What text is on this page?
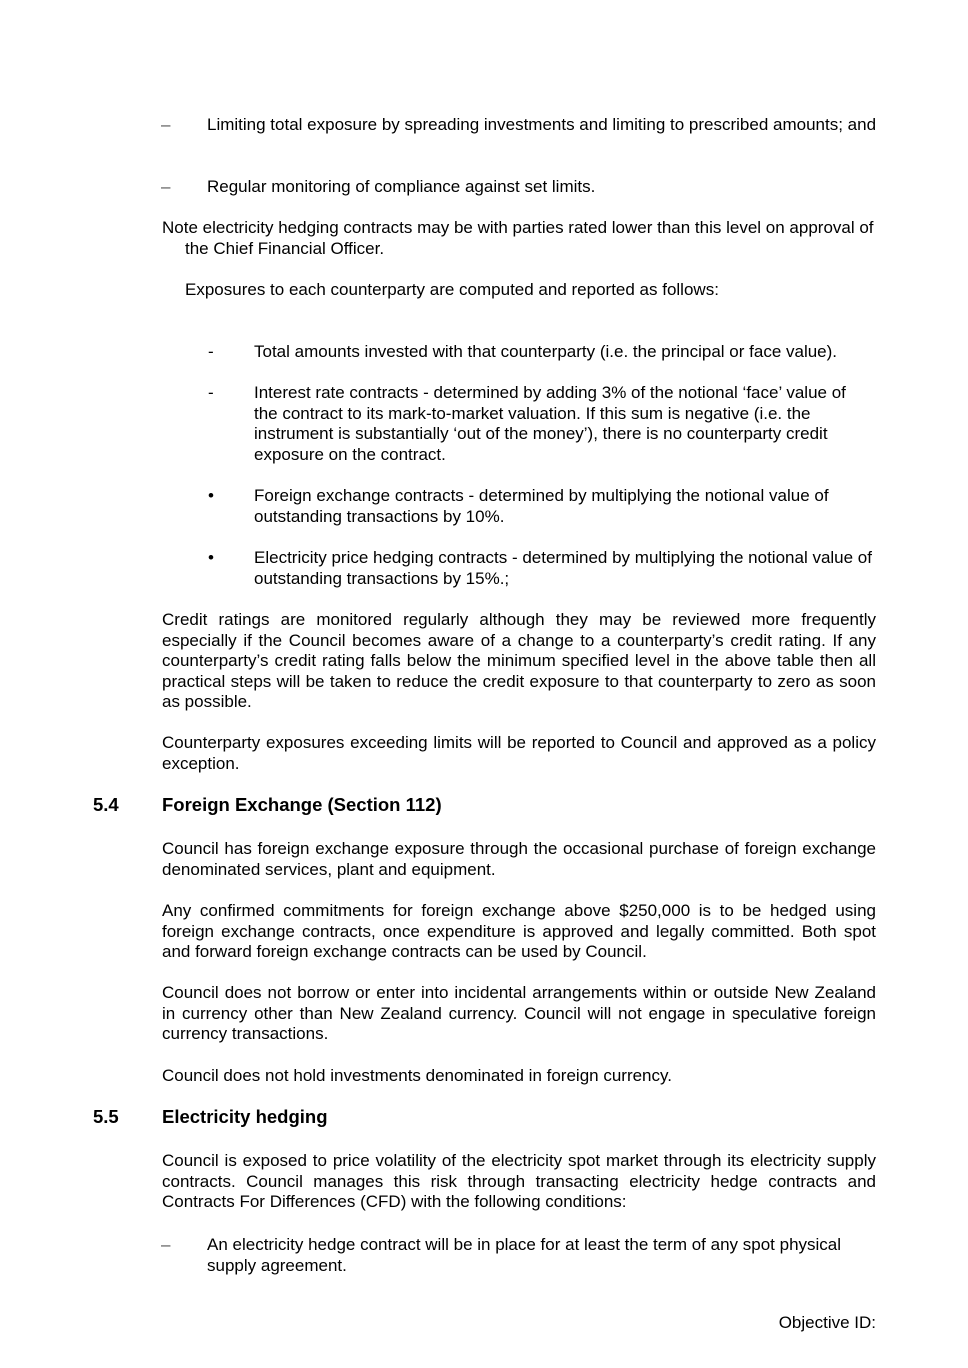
– Limiting total exposure by spreading investments and limiting to prescribed amounts; and

– Regular monitoring of compliance against set limits.

Note electricity hedging contracts may be with parties rated lower than this level on approval of the Chief Financial Officer.

Exposures to each counterparty are computed and reported as follows:

- Total amounts invested with that counterparty (i.e. the principal or face value).

- Interest rate contracts - determined by adding 3% of the notional ‘face’ value of the contract to its mark-to-market valuation. If this sum is negative (i.e. the instrument is substantially ‘out of the money’), there is no counterparty credit exposure on the contract.

• Foreign exchange contracts - determined by multiplying the notional value of outstanding transactions by 10%.

• Electricity price hedging contracts - determined by multiplying the notional value of outstanding transactions by 15%.;

Credit ratings are monitored regularly although they may be reviewed more frequently especially if the Council becomes aware of a change to a counterparty’s credit rating. If any counterparty’s credit rating falls below the minimum specified level in the above table then all practical steps will be taken to reduce the credit exposure to that counterparty to zero as soon as possible.

Counterparty exposures exceeding limits will be reported to Council and approved as a policy exception.

5.4 Foreign Exchange (Section 112)

Council has foreign exchange exposure through the occasional purchase of foreign exchange denominated services, plant and equipment.

Any confirmed commitments for foreign exchange above $250,000 is to be hedged using foreign exchange contracts, once expenditure is approved and legally committed. Both spot and forward foreign exchange contracts can be used by Council.

Council does not borrow or enter into incidental arrangements within or outside New Zealand in currency other than New Zealand currency. Council will not engage in speculative foreign currency transactions.

Council does not hold investments denominated in foreign currency.

5.5 Electricity hedging

Council is exposed to price volatility of the electricity spot market through its electricity supply contracts. Council manages this risk through transacting electricity hedge contracts and Contracts For Differences (CFD) with the following conditions:

– An electricity hedge contract will be in place for at least the term of any spot physical supply agreement.

Objective ID:
